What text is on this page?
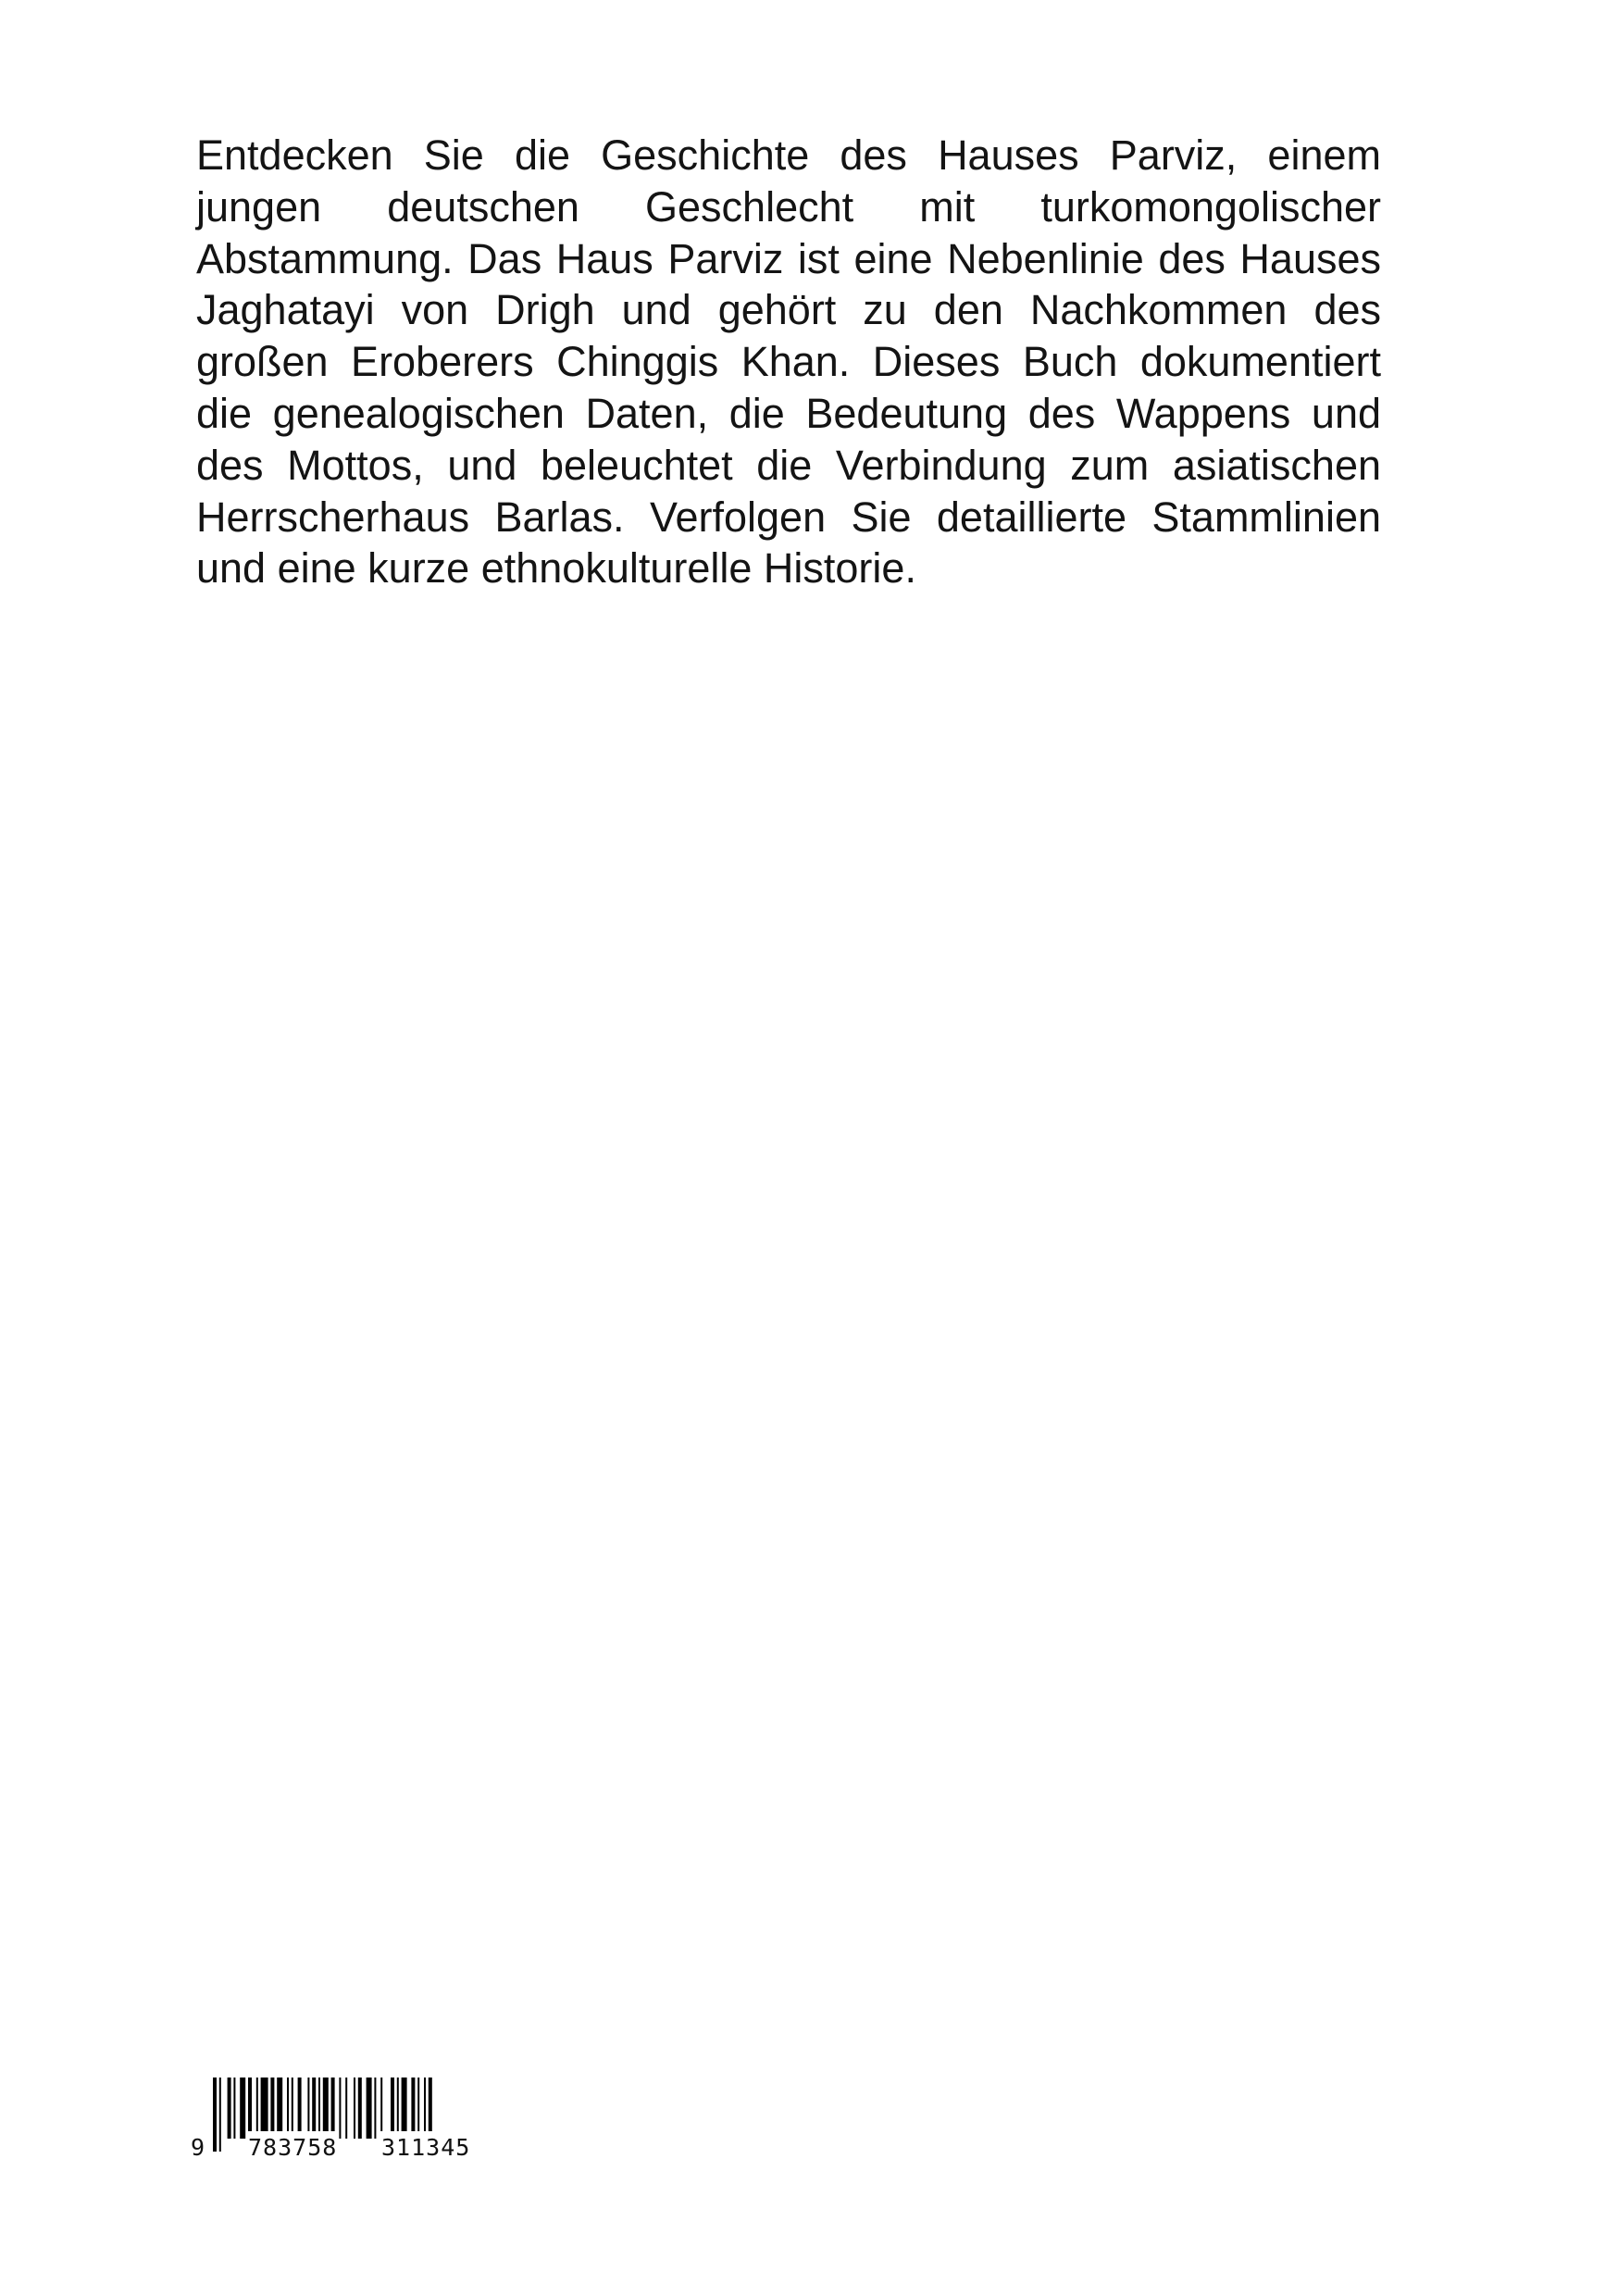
Entdecken Sie die Geschichte des Hauses Parviz, einem jungen deutschen Geschlecht mit turkomongolischer Abstammung. Das Haus Parviz ist eine Nebenlinie des Hauses Jaghatayi von Drigh und gehört zu den Nachkommen des großen Eroberers Chinggis Khan. Dieses Buch dokumentiert die genealogischen Daten, die Bedeutung des Wappens und des Mottos, und beleuchtet die Verbindung zum asiatischen Herrscherhaus Barlas. Verfolgen Sie detaillierte Stammlinien und eine kurze ethnokulturelle Historie.

9 783758 311345
